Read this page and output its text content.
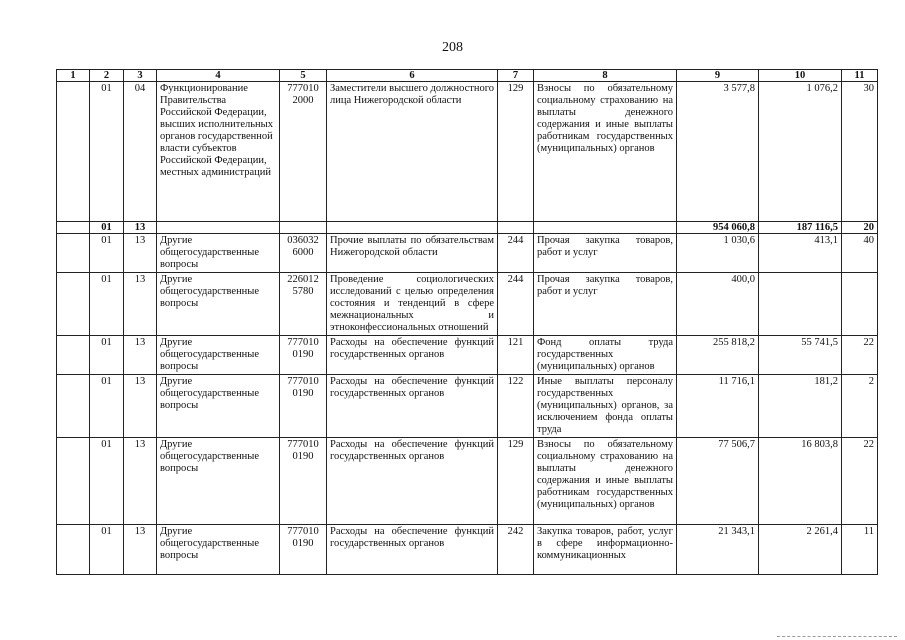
208
1	2	3	4	5	6	7	8	9	10	11
	01	04	Функционирование Правительства Российской Федерации, высших исполнительных органов государственной власти субъектов Российской Федерации, местных администраций	777010 2000	Заместители высшего должностного лица Нижегородской области	129	Взносы по обязательному социальному страхованию на выплаты денежного содержания и иные выплаты работникам государственных (муниципальных) органов	3 577,8	1 076,2	30
	01	13						954 060,8	187 116,5	20
	01	13	Другие общегосударственные вопросы	036032 6000	Прочие выплаты по обязательствам Нижегородской области	244	Прочая закупка товаров, работ и услуг	1 030,6	413,1	40
	01	13	Другие общегосударственные вопросы	226012 5780	Проведение социологических исследований с целью определения состояния и тенденций в сфере межнациональных и этноконфессиональных отношений	244	Прочая закупка товаров, работ и услуг	400,0		
	01	13	Другие общегосударственные вопросы	777010 0190	Расходы на обеспечение функций государственных органов	121	Фонд оплаты труда государственных (муниципальных) органов	255 818,2	55 741,5	22
	01	13	Другие общегосударственные вопросы	777010 0190	Расходы на обеспечение функций государственных органов	122	Иные выплаты персоналу государственных (муниципальных) органов, за исключением фонда оплаты труда	11 716,1	181,2	2
	01	13	Другие общегосударственные вопросы	777010 0190	Расходы на обеспечение функций государственных органов	129	Взносы по обязательному социальному страхованию на выплаты денежного содержания и иные выплаты работникам государственных (муниципальных) органов	77 506,7	16 803,8	22
	01	13	Другие общегосударственные вопросы	777010 0190	Расходы на обеспечение функций государственных органов	242	Закупка товаров, работ, услуг в сфере информационно-коммуникационных	21 343,1	2 261,4	11
